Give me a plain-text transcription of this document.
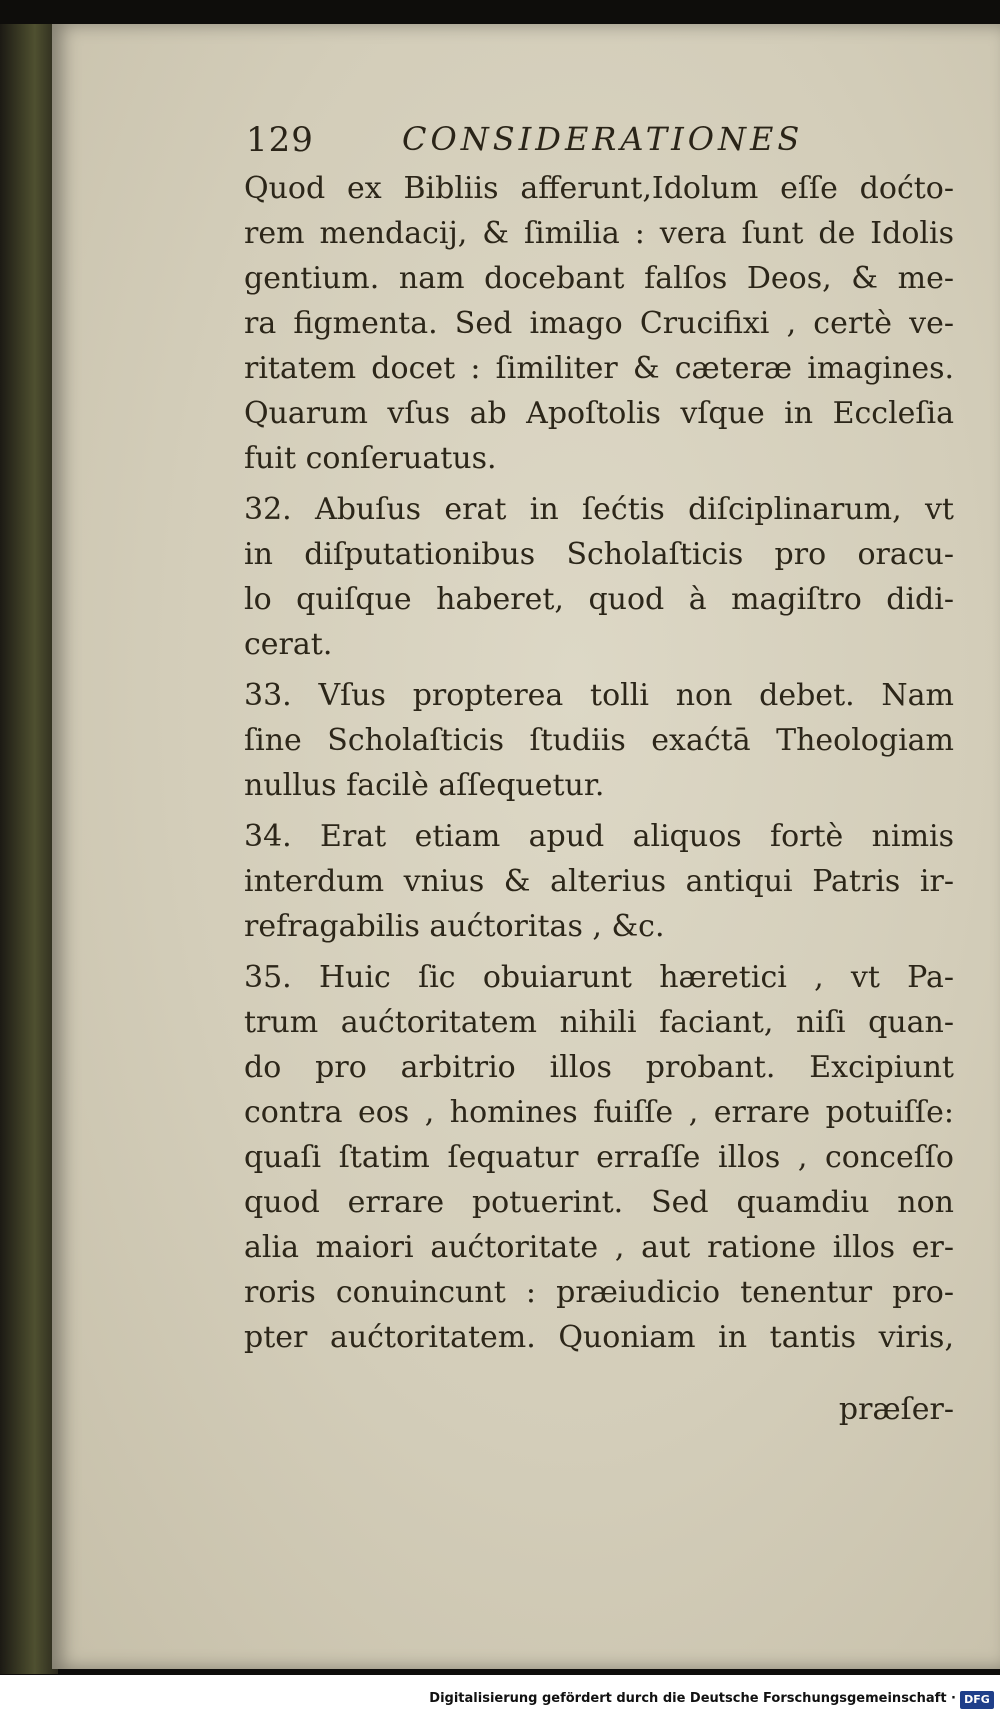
129	CONSIDERATIONES
Quod ex Bibliis afferunt,Idolum eſſe doćto-
rem mendacij, & ſimilia : vera ſunt de Idolis
gentium. nam docebant falſos Deos, & me-
ra figmenta. Sed imago Crucifixi , certè ve-
ritatem docet : ſimiliter & cæteræ imagines.
Quarum vſus ab Apoſtolis vſque in Eccleſia
fuit conſeruatus.
32. Abuſus erat in ſećtis diſciplinarum, vt
in diſputationibus Scholaſticis pro oracu-
lo quiſque haberet, quod à magiſtro didi-
cerat.
33. Vſus propterea tolli non debet. Nam
ſine Scholaſticis ſtudiis exaćtā Theologiam
nullus facilè aſſequetur.
34. Erat etiam apud aliquos fortè nimis
interdum vnius & alterius antiqui Patris ir-
refragabilis aućtoritas , &c.
35. Huic ſic obuiarunt hæretici , vt Pa-
trum aućtoritatem nihili faciant, niſi quan-
do pro arbitrio illos probant. Excipiunt
contra eos , homines fuiſſe , errare potuiſſe:
quaſi ſtatim ſequatur erraſſe illos , conceſſo
quod errare potuerint. Sed quamdiu non
alia maiori aućtoritate , aut ratione illos er-
roris conuincunt : præiudicio tenentur pro-
pter aućtoritatem. Quoniam in tantis viris,
præſer-
Digitalisierung gefördert durch die Deutsche Forschungsgemeinschaft · DFG
